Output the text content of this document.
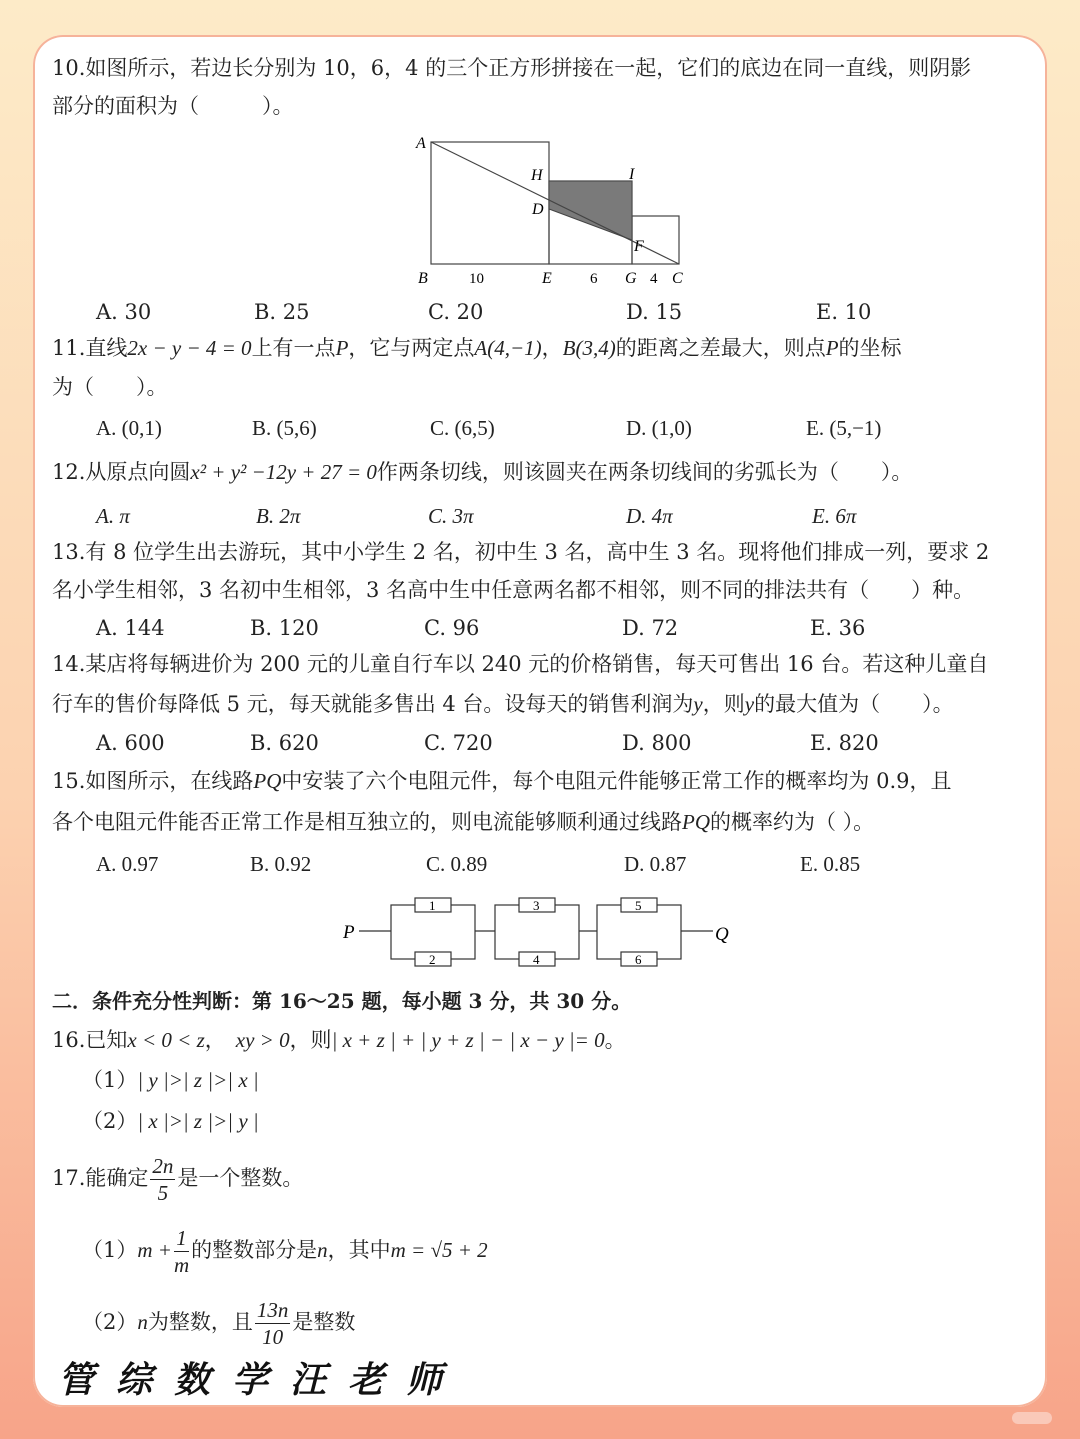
10.如图所示，若边长分别为 10，6，4 的三个正方形拼接在一起，它们的底边在同一直线，则阴影
部分的面积为（　　　）。
A
H	I
D
F
B	10	E	6 G 4 C
A. 30	B. 25	C. 20	D. 15	E. 10
11.直线2x − y − 4 = 0上有一点P，它与两定点A(4,−1)，B(3,4)的距离之差最大，则点P的坐标
为（　　）。
A. (0,1)	B. (5,6)	C. (6,5)	D. (1,0)	E. (5,−1)
12.从原点向圆x² + y² −12y + 27 = 0作两条切线，则该圆夹在两条切线间的劣弧长为（　　）。
A. π	B. 2π	C. 3π	D. 4π	E. 6π
13.有 8 位学生出去游玩，其中小学生 2 名，初中生 3 名，高中生 3 名。现将他们排成一列，要求 2
名小学生相邻，3 名初中生相邻，3 名高中生中任意两名都不相邻，则不同的排法共有（　　）种。
A. 144	B. 120	C. 96	D. 72	E. 36
14.某店将每辆进价为 200 元的儿童自行车以 240 元的价格销售，每天可售出 16 台。若这种儿童自
行车的售价每降低 5 元，每天就能多售出 4 台。设每天的销售利润为y，则y的最大值为（　　）。
A. 600	B. 620	C. 720	D. 800	E. 820
15.如图所示，在线路PQ中安装了六个电阻元件，每个电阻元件能够正常工作的概率均为 0.9，且
各个电阻元件能否正常工作是相互独立的，则电流能够顺利通过线路PQ的概率约为（ ）。
A. 0.97	B. 0.92	C. 0.89	D. 0.87	E. 0.85
P	Q
1
2
3
4
5
6
二．条件充分性判断：第 16～25 题，每小题 3 分，共 30 分。
16.已知x < 0 < z， xy > 0，则| x + z | + | y + z | − | x − y |= 0。
（1）| y |>| z |>| x |
（2）| x |>| z |>| y |
17.能确定 $\frac{2n}{5}$ 是一个整数。
$(1)m + \frac{1}{m}$ 的整数部分是n，其中m = √5 + 2
（2）n为整数，且 $\frac{13n}{10}$ 是整数
管综数学汪老师
